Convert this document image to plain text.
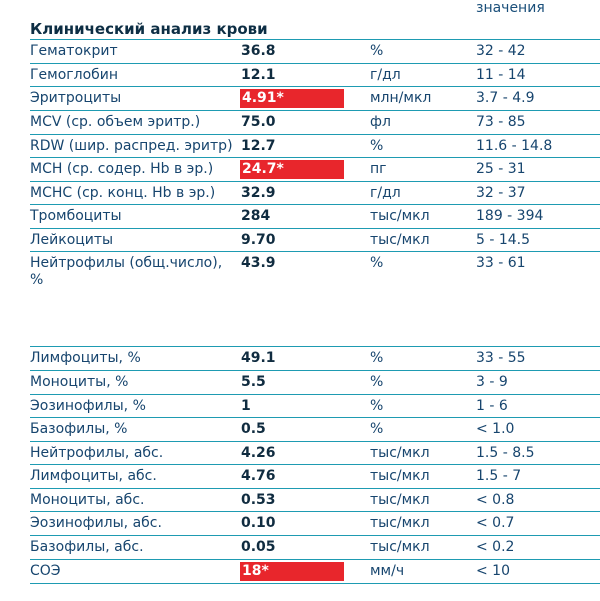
значения
Клинический анализ крови
Гематокрит	36.8	%	32 - 42
Гемоглобин	12.1	г/дл	11 - 14
Эритроциты	4.91*	млн/мкл	3.7 - 4.9
MCV (ср. объем эритр.)	75.0	фл	73 - 85
RDW (шир. распред. эритр) 12.7	%	11.6 - 14.8
MCH (ср. содер. Hb в эр.)	24.7*	пг	25 - 31
MCHC (ср. конц. Hb в эр.)	32.9	г/дл	32 - 37
Тромбоциты	284	тыс/мкл	189 - 394
Лейкоциты	9.70	тыс/мкл	5 - 14.5
Нейтрофилы (общ.число), %
43.9	%	33 - 61
Лимфоциты, %	49.1	%	33 - 55
Моноциты, %	5.5	%	3 - 9
Эозинофилы, %	1	%	1 - 6
Базофилы, %	0.5	%	< 1.0
Нейтрофилы, абс.	4.26	тыс/мкл	1.5 - 8.5
Лимфоциты, абс.	4.76	тыс/мкл	1.5 - 7
Моноциты, абс.	0.53	тыс/мкл	< 0.8
Эозинофилы, абс.	0.10	тыс/мкл	< 0.7
Базофилы, абс.	0.05	тыс/мкл	< 0.2
СОЭ	18*	мм/ч	< 10
